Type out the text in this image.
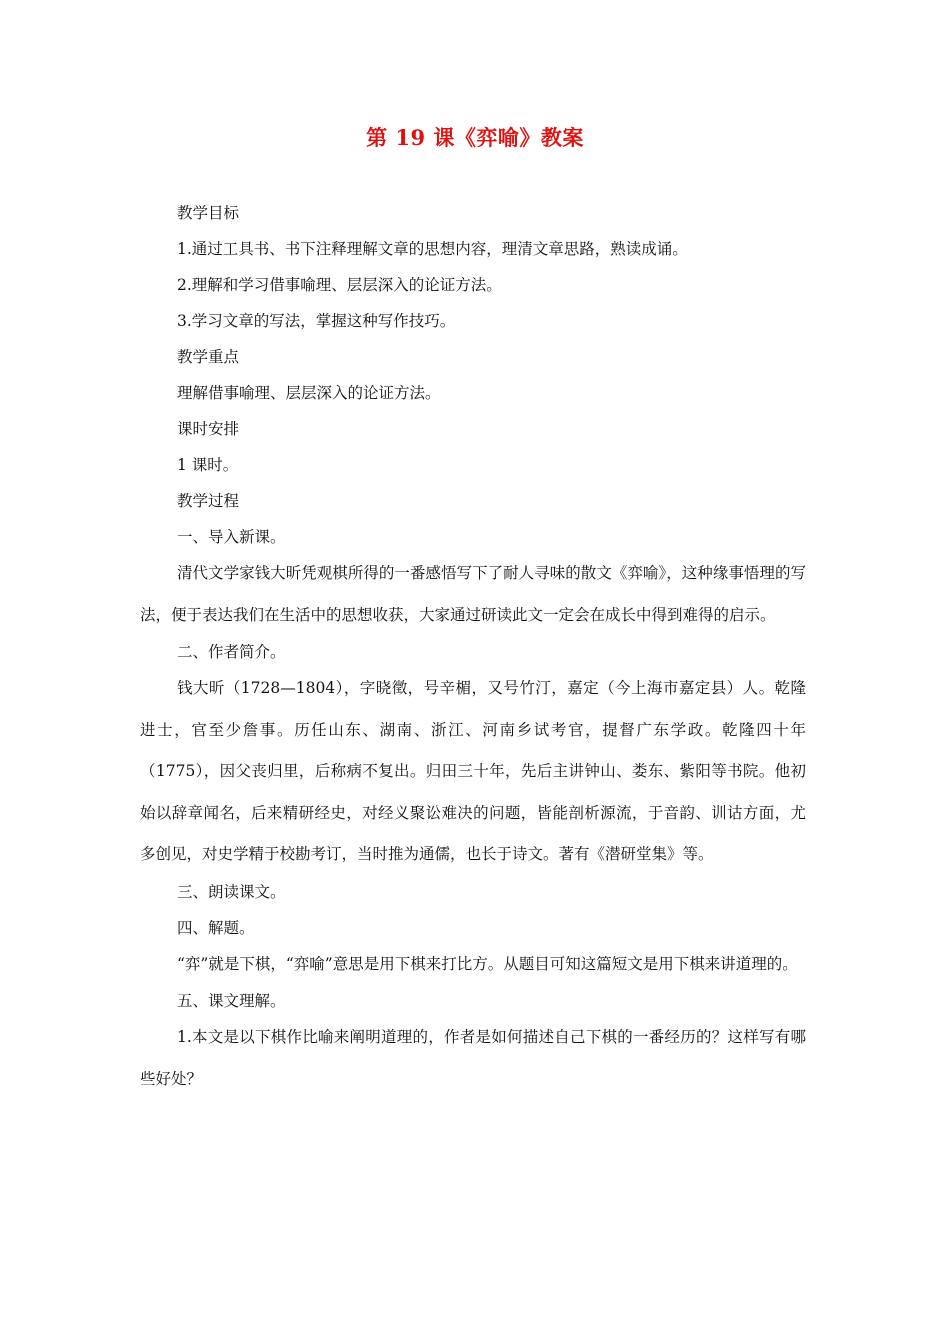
第 19 课《弈喻》教案

教学目标

1.通过工具书、书下注释理解文章的思想内容，理清文章思路，熟读成诵。

2.理解和学习借事喻理、层层深入的论证方法。

3.学习文章的写法，掌握这种写作技巧。

教学重点

理解借事喻理、层层深入的论证方法。

课时安排

1 课时。

教学过程

一、导入新课。

清代文学家钱大昕凭观棋所得的一番感悟写下了耐人寻味的散文《弈喻》，这种缘事悟理的写法，便于表达我们在生活中的思想收获，大家通过研读此文一定会在成长中得到难得的启示。

二、作者简介。

钱大昕（1728—1804），字晓徵，号辛楣，又号竹汀，嘉定（今上海市嘉定县）人。乾隆进士，官至少詹事。历任山东、湖南、浙江、河南乡试考官，提督广东学政。乾隆四十年（1775），因父丧归里，后称病不复出。归田三十年，先后主讲钟山、娄东、紫阳等书院。他初始以辞章闻名，后来精研经史，对经义聚讼难决的问题，皆能剖析源流，于音韵、训诂方面，尤多创见，对史学精于校勘考订，当时推为通儒，也长于诗文。著有《潜研堂集》等。

三、朗读课文。

四、解题。

“弈”就是下棋，“弈喻”意思是用下棋来打比方。从题目可知这篇短文是用下棋来讲道理的。

五、课文理解。

1.本文是以下棋作比喻来阐明道理的，作者是如何描述自己下棋的一番经历的？这样写有哪些好处？
